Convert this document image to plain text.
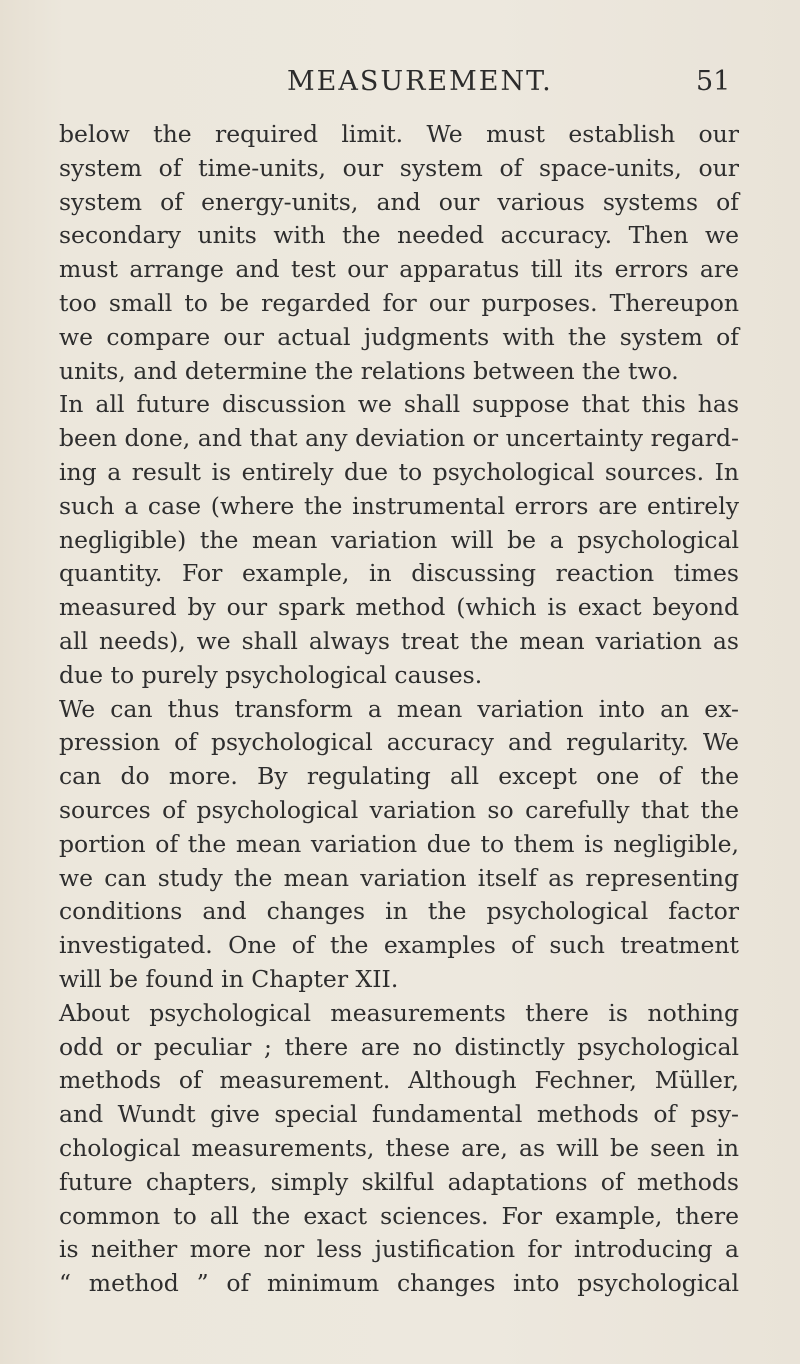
MEASUREMENT.	51
below the required limit. We must establish our
system of time-units, our system of space-units, our
system of energy-units, and our various systems of
secondary units with the needed accuracy. Then we
must arrange and test our apparatus till its errors are
too small to be regarded for our purposes. Thereupon
we compare our actual judgments with the system of
units, and determine the relations between the two.
In all future discussion we shall suppose that this has
been done, and that any deviation or uncertainty regard-
ing a result is entirely due to psychological sources. In
such a case (where the instrumental errors are entirely
negligible) the mean variation will be a psychological
quantity. For example, in discussing reaction times
measured by our spark method (which is exact beyond
all needs), we shall always treat the mean variation as
due to purely psychological causes.
We can thus transform a mean variation into an ex-
pression of psychological accuracy and regularity. We
can do more. By regulating all except one of the
sources of psychological variation so carefully that the
portion of the mean variation due to them is negligible,
we can study the mean variation itself as representing
conditions and changes in the psychological factor
investigated. One of the examples of such treatment
will be found in Chapter XII.
About psychological measurements there is nothing
odd or peculiar ; there are no distinctly psychological
methods of measurement. Although Fechner, Müller,
and Wundt give special fundamental methods of psy-
chological measurements, these are, as will be seen in
future chapters, simply skilful adaptations of methods
common to all the exact sciences. For example, there
is neither more nor less justification for introducing a
“ method ” of minimum changes into psychological
